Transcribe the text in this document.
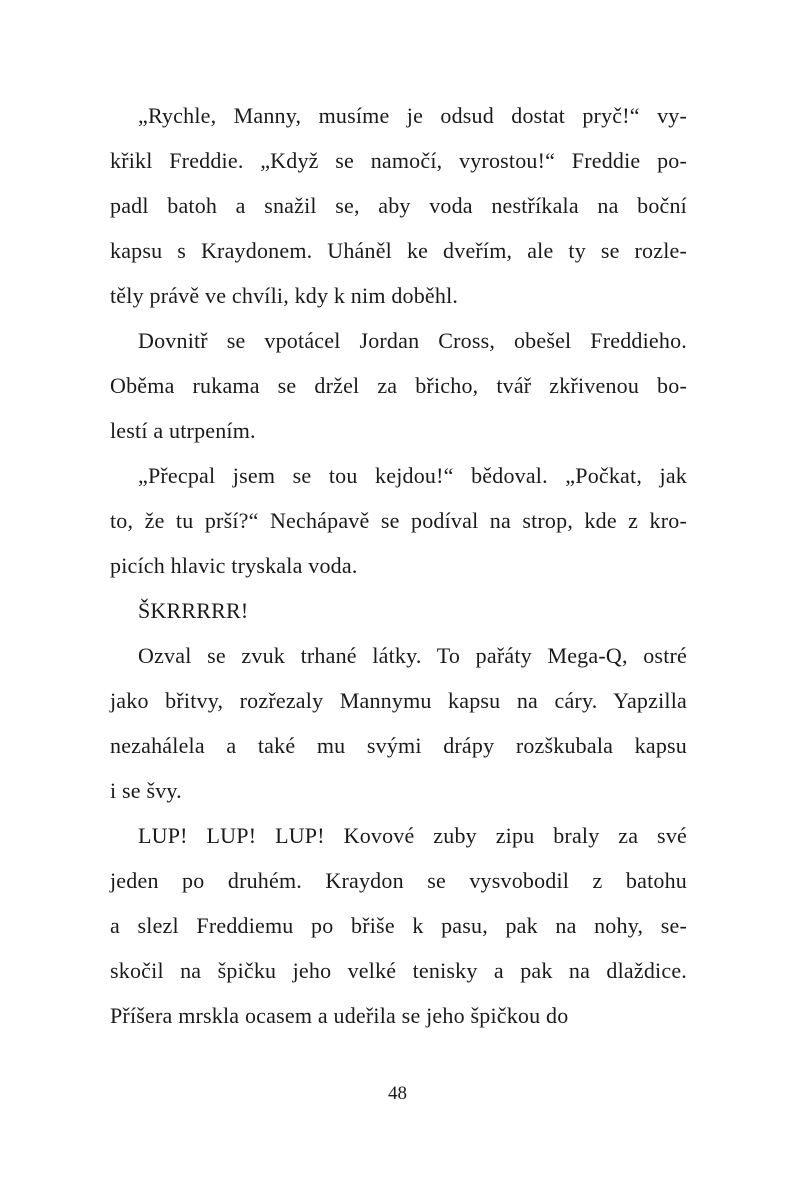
„Rychle, Manny, musíme je odsud dostat pryč!“ vy-
křikl Freddie. „Když se namočí, vyrostou!“ Freddie po-
padl batoh a snažil se, aby voda nestříkala na boční
kapsu s Kraydonem. Uháněl ke dveřím, ale ty se rozle-
těly právě ve chvíli, kdy k nim doběhl.
Dovnitř se vpotácel Jordan Cross, obešel Freddieho.
Oběma rukama se držel za břicho, tvář zkřivenou bo-
lestí a utrpením.
„Přecpal jsem se tou kejdou!“ bědoval. „Počkat, jak
to, že tu prší?“ Nechápavě se podíval na strop, kde z kro-
picích hlavic tryskala voda.
ŠKRRRRR!
Ozval se zvuk trhané látky. To pařáty Mega-Q, ostré
jako břitvy, rozřezaly Mannymu kapsu na cáry. Yapzilla
nezahálela a také mu svými drápy rozškubala kapsu
i se švy.
LUP! LUP! LUP! Kovové zuby zipu braly za své
jeden po druhém. Kraydon se vysvobodil z batohu
a slezl Freddiemu po břiše k pasu, pak na nohy, se-
skočil na špičku jeho velké tenisky a pak na dlaždice.
Příšera mrskla ocasem a udeřila se jeho špičkou do
48
